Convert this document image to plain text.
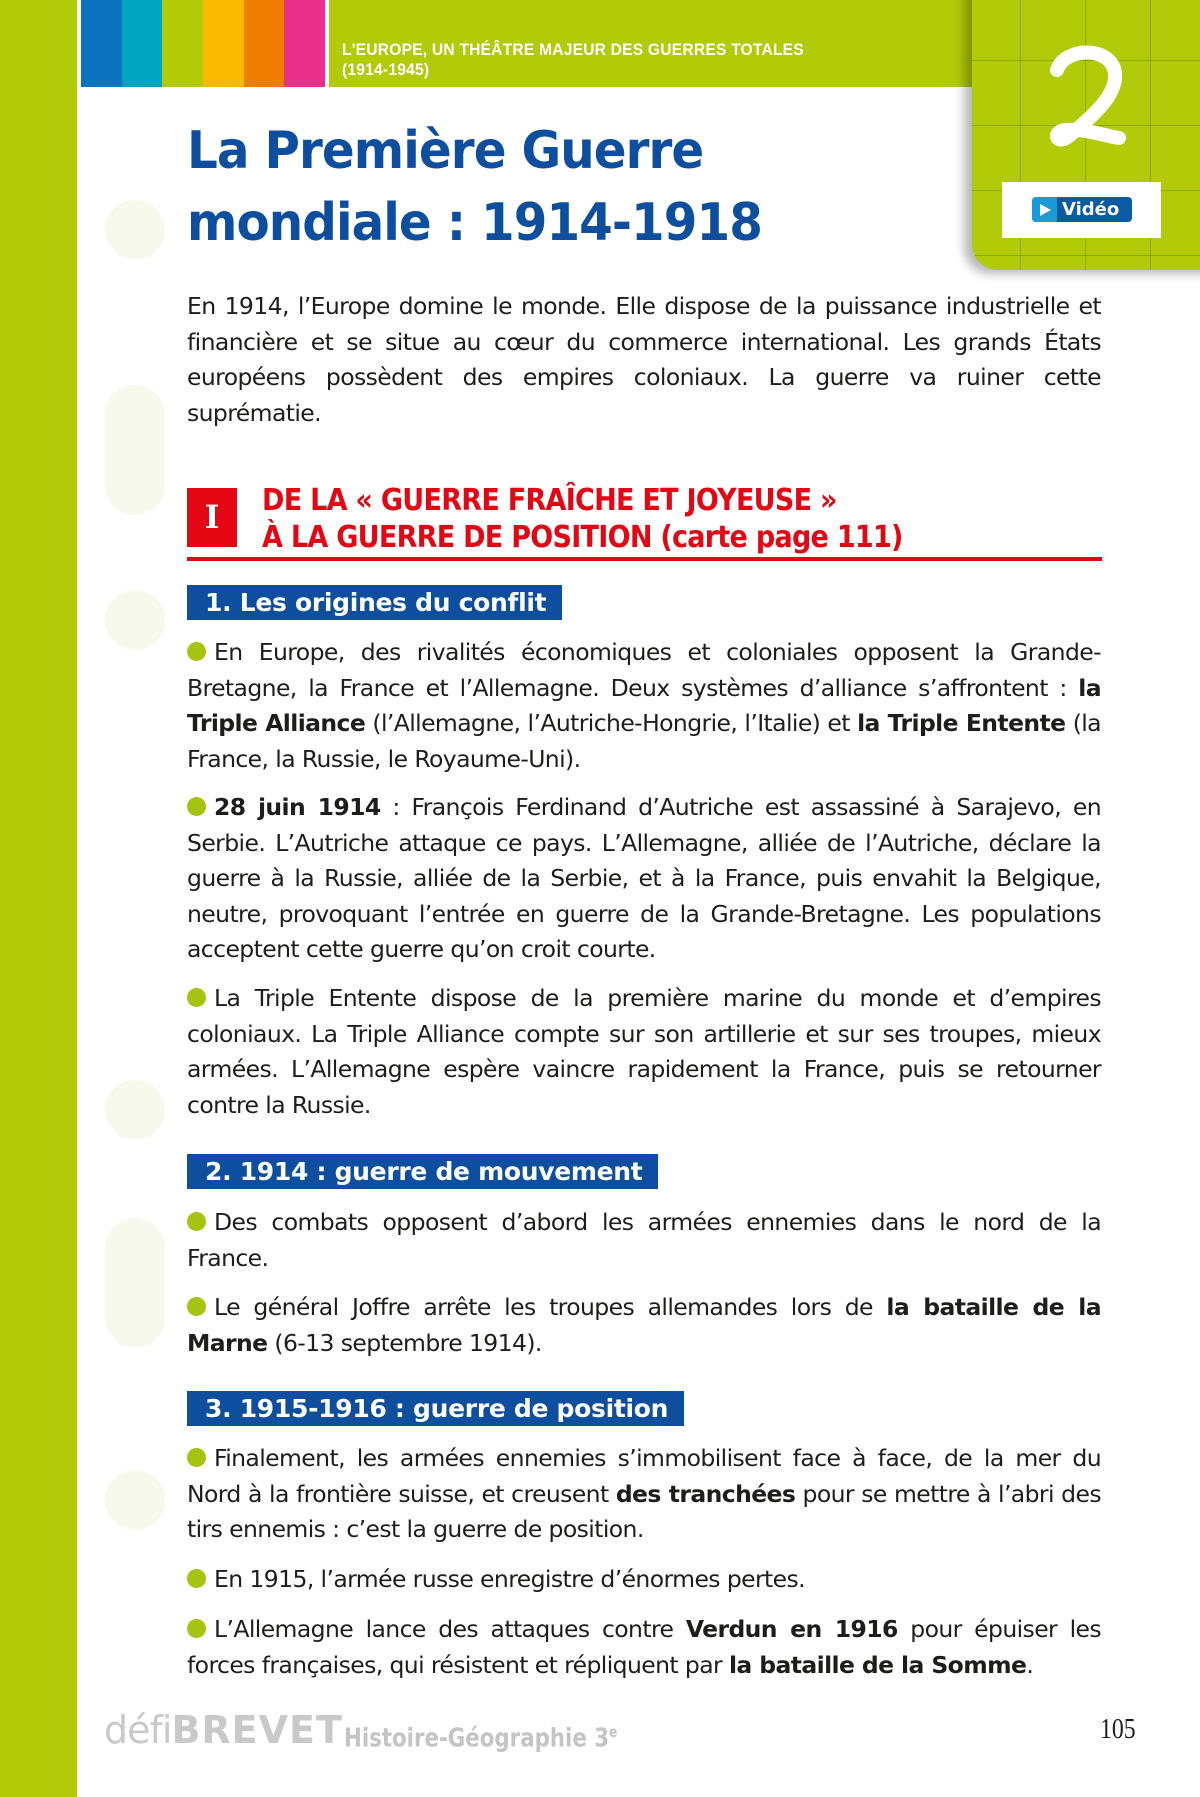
L'EUROPE, UN THÉÂTRE MAJEUR DES GUERRES TOTALES
(1914-1945)
Vidéo
La Première Guerre
mondiale : 1914-1918
En 1914, l’Europe domine le monde. Elle dispose de la puissance industrielle et financière et se situe au cœur du commerce international. Les grands États européens possèdent des empires coloniaux. La guerre va ruiner cette suprématie.
I	DE LA « GUERRE FRAÎCHE ET JOYEUSE »
À LA GUERRE DE POSITION (carte page 111)
1. Les origines du conflit
En Europe, des rivalités économiques et coloniales opposent la Grande-Bretagne, la France et l’Allemagne. Deux systèmes d’alliance s’affrontent : la Triple Alliance (l’Allemagne, l’Autriche-Hongrie, l’Italie) et la Triple Entente (la France, la Russie, le Royaume-Uni).
28 juin 1914 : François Ferdinand d’Autriche est assassiné à Sarajevo, en Serbie. L’Autriche attaque ce pays. L’Allemagne, alliée de l’Autriche, déclare la guerre à la Russie, alliée de la Serbie, et à la France, puis envahit la Belgique, neutre, provoquant l’entrée en guerre de la Grande-Bretagne. Les populations acceptent cette guerre qu’on croit courte.
La Triple Entente dispose de la première marine du monde et d’empires coloniaux. La Triple Alliance compte sur son artillerie et sur ses troupes, mieux armées. L’Allemagne espère vaincre rapidement la France, puis se retourner contre la Russie.
2. 1914 : guerre de mouvement
Des combats opposent d’abord les armées ennemies dans le nord de la France.
Le général Joffre arrête les troupes allemandes lors de la bataille de la Marne (6-13 septembre 1914).
3. 1915-1916 : guerre de position
Finalement, les armées ennemies s’immobilisent face à face, de la mer du Nord à la frontière suisse, et creusent des tranchées pour se mettre à l’abri des tirs ennemis : c’est la guerre de position.
En 1915, l’armée russe enregistre d’énormes pertes.
L’Allemagne lance des attaques contre Verdun en 1916 pour épuiser les forces françaises, qui résistent et répliquent par la bataille de la Somme.
défiBREVET Histoire-Géographie 3e	105
